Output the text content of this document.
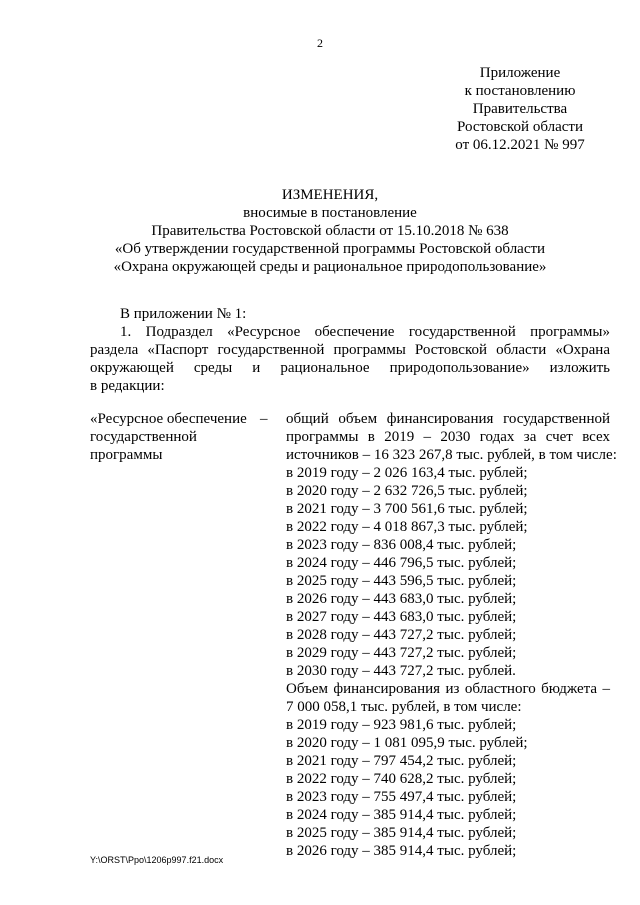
2
Приложение
к постановлению
Правительства
Ростовской области
от 06.12.2021 № 997
ИЗМЕНЕНИЯ,
вносимые в постановление
Правительства Ростовской области от 15.10.2018 № 638
«Об утверждении государственной программы Ростовской области
«Охрана окружающей среды и рациональное природопользование»
В приложении № 1:
1. Подраздел «Ресурсное обеспечение государственной программы»
раздела «Паспорт государственной программы Ростовской области «Охрана
окружающей среды и рациональное природопользование» изложить
в редакции:
«Ресурсное обеспечение
государственной
программы
– общий объем финансирования государственной
программы в 2019 – 2030 годах за счет всех
источников – 16 323 267,8 тыс. рублей, в том числе:
в 2019 году – 2 026 163,4 тыс. рублей;
в 2020 году – 2 632 726,5 тыс. рублей;
в 2021 году – 3 700 561,6 тыс. рублей;
в 2022 году – 4 018 867,3 тыс. рублей;
в 2023 году – 836 008,4 тыс. рублей;
в 2024 году – 446 796,5 тыс. рублей;
в 2025 году – 443 596,5 тыс. рублей;
в 2026 году – 443 683,0 тыс. рублей;
в 2027 году – 443 683,0 тыс. рублей;
в 2028 году – 443 727,2 тыс. рублей;
в 2029 году – 443 727,2 тыс. рублей;
в 2030 году – 443 727,2 тыс. рублей.
Объем финансирования из областного бюджета –
7 000 058,1 тыс. рублей, в том числе:
в 2019 году – 923 981,6 тыс. рублей;
в 2020 году – 1 081 095,9 тыс. рублей;
в 2021 году – 797 454,2 тыс. рублей;
в 2022 году – 740 628,2 тыс. рублей;
в 2023 году – 755 497,4 тыс. рублей;
в 2024 году – 385 914,4 тыс. рублей;
в 2025 году – 385 914,4 тыс. рублей;
в 2026 году – 385 914,4 тыс. рублей;
Y:\ORST\Ppo\1206p997.f21.docx
